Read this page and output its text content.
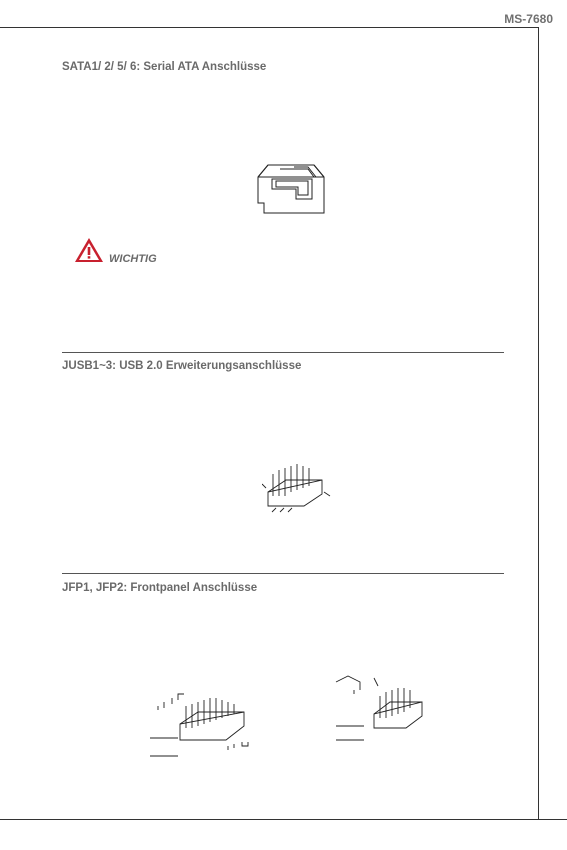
MS-7680
SATA1/ 2/ 5/ 6: Serial ATA Anschlüsse
WICHTIG
JUSB1~3: USB 2.0 Erweiterungsanschlüsse
JFP1, JFP2: Frontpanel Anschlüsse
